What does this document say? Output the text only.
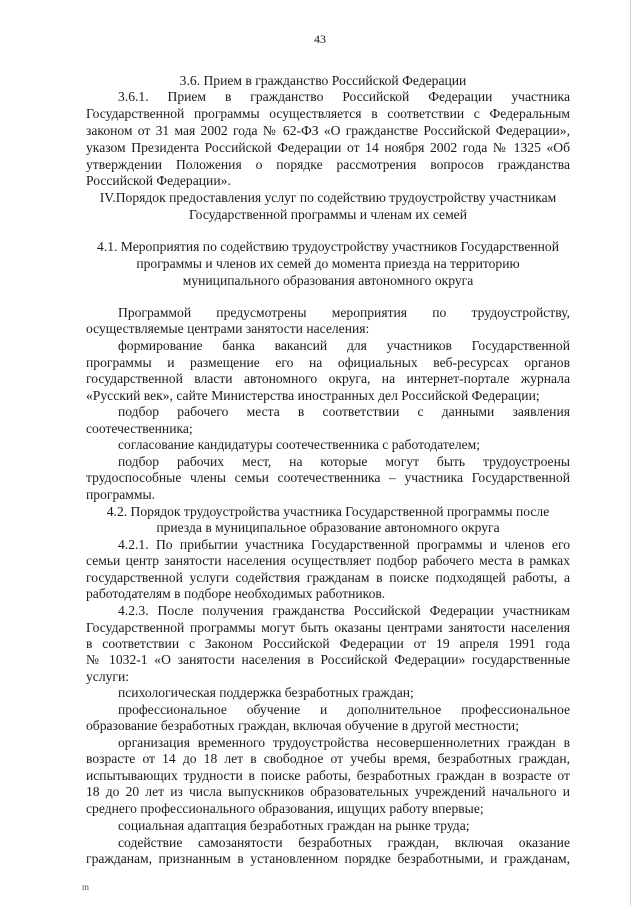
43
3.6. Прием в гражданство Российской Федерации
3.6.1. Прием в гражданство Российской Федерации участника
Государственной программы осуществляется в соответствии с Федеральным
законом от 31 мая 2002 года № 62-ФЗ «О гражданстве Российской Федерации»,
указом Президента Российской Федерации от 14 ноября 2002 года № 1325 «Об
утверждении Положения о порядке рассмотрения вопросов гражданства
Российской Федерации».
IV.Порядок предоставления услуг по содействию трудоустройству участникам
Государственной программы и членам их семей
4.1. Мероприятия по содействию трудоустройству участников Государственной
программы и членов их семей до момента приезда на территорию
муниципального образования автономного округа
Программой предусмотрены мероприятия по трудоустройству,
осуществляемые центрами занятости населения:
формирование банка вакансий для участников Государственной
программы и размещение его на официальных веб-ресурсах органов
государственной власти автономного округа, на интернет-портале журнала
«Русский век», сайте Министерства иностранных дел Российской Федерации;
подбор рабочего места в соответствии с данными заявления
соотечественника;
согласование кандидатуры соотечественника с работодателем;
подбор рабочих мест, на которые могут быть трудоустроены
трудоспособные члены семьи соотечественника – участника Государственной
программы.
4.2. Порядок трудоустройства участника Государственной программы после
приезда в муниципальное образование автономного округа
4.2.1. По прибытии участника Государственной программы и членов его
семьи центр занятости населения осуществляет подбор рабочего места в рамках
государственной услуги содействия гражданам в поиске подходящей работы, а
работодателям в подборе необходимых работников.
4.2.3. После получения гражданства Российской Федерации участникам
Государственной программы могут быть оказаны центрами занятости населения
в соответствии с Законом Российской Федерации от 19 апреля 1991 года
№ 1032-1 «О занятости населения в Российской Федерации» государственные
услуги:
психологическая поддержка безработных граждан;
профессиональное обучение и дополнительное профессиональное
образование безработных граждан, включая обучение в другой местности;
организация временного трудоустройства несовершеннолетних граждан в
возрасте от 14 до 18 лет в свободное от учебы время, безработных граждан,
испытывающих трудности в поиске работы, безработных граждан в возрасте от
18 до 20 лет из числа выпускников образовательных учреждений начального и
среднего профессионального образования, ищущих работу впервые;
социальная адаптация безработных граждан на рынке труда;
содействие самозанятости безработных граждан, включая оказание
гражданам, признанным в установленном порядке безработными, и гражданам,
m
